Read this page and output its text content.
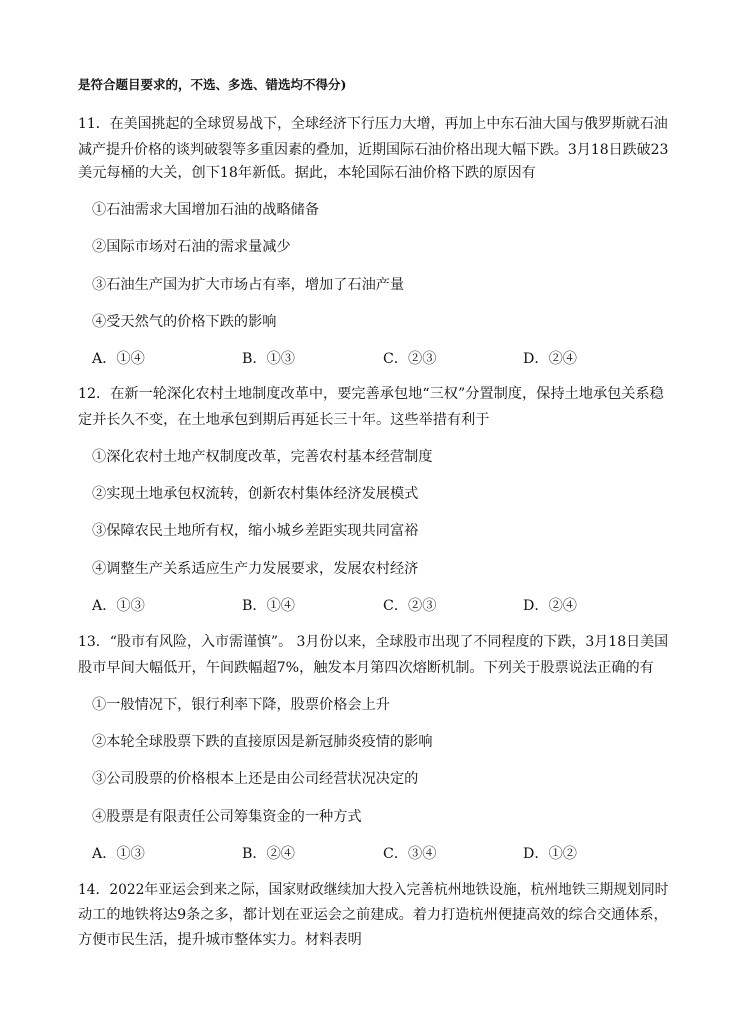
是符合题目要求的，不选、多选、错选均不得分)
11．在美国挑起的全球贸易战下，全球经济下行压力大增，再加上中东石油大国与俄罗斯就石油
减产提升价格的谈判破裂等多重因素的叠加，近期国际石油价格出现大幅下跌。3月18日跌破23
美元每桶的大关，创下18年新低。据此，本轮国际石油价格下跌的原因有
①石油需求大国增加石油的战略储备
②国际市场对石油的需求量减少
③石油生产国为扩大市场占有率，增加了石油产量
④受天然气的价格下跌的影响
A．①④	B．①③	C．②③	D．②④
12．在新一轮深化农村土地制度改革中，要完善承包地“三权”分置制度，保持土地承包关系稳
定并长久不变，在土地承包到期后再延长三十年。这些举措有利于
①深化农村土地产权制度改革，完善农村基本经营制度
②实现土地承包权流转，创新农村集体经济发展模式
③保障农民土地所有权，缩小城乡差距实现共同富裕
④调整生产关系适应生产力发展要求，发展农村经济
A．①③	B．①④	C．②③	D．②④
13．“股市有风险，入市需谨慎”。 3月份以来，全球股市出现了不同程度的下跌，3月18日美国
股市早间大幅低开，午间跌幅超7%，触发本月第四次熔断机制。下列关于股票说法正确的有
①一般情况下，银行利率下降，股票价格会上升
②本轮全球股票下跌的直接原因是新冠肺炎疫情的影响
③公司股票的价格根本上还是由公司经营状况决定的
④股票是有限责任公司筹集资金的一种方式
A．①③	B．②④	C．③④	D．①②
14．2022年亚运会到来之际，国家财政继续加大投入完善杭州地铁设施，杭州地铁三期规划同时
动工的地铁将达9条之多，都计划在亚运会之前建成。着力打造杭州便捷高效的综合交通体系，
方便市民生活，提升城市整体实力。材料表明
